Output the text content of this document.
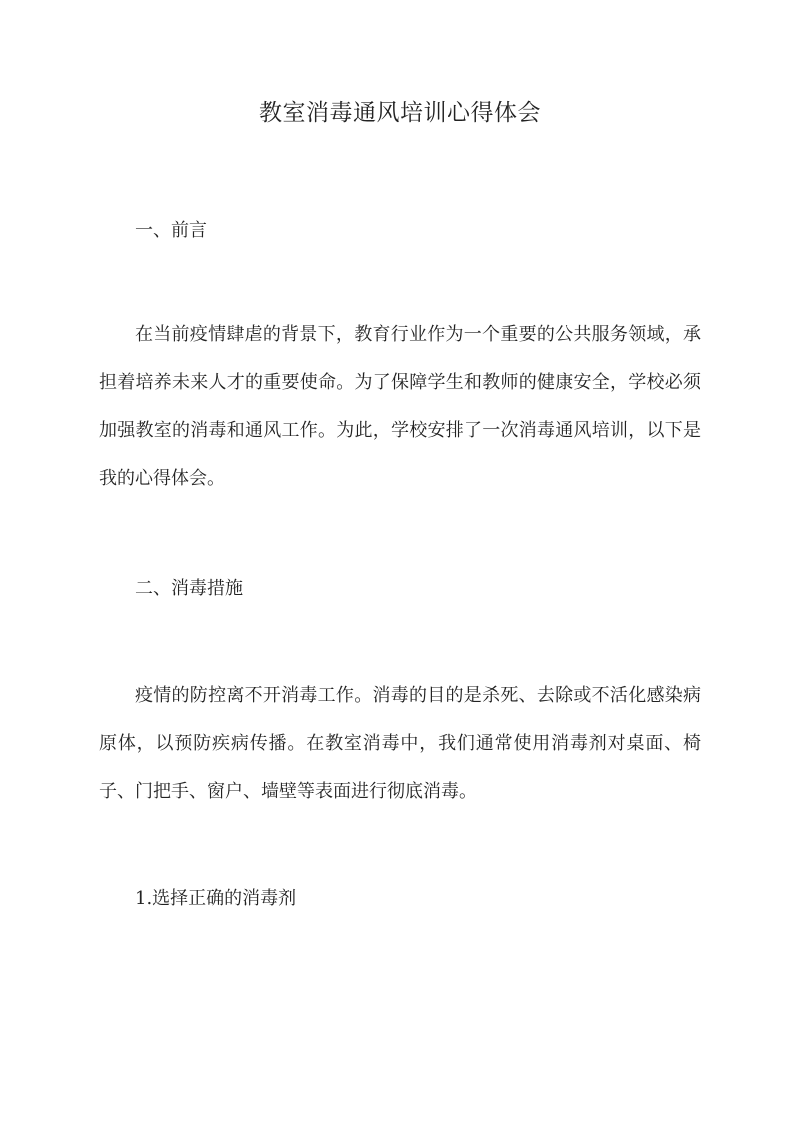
教室消毒通风培训心得体会
一、前言

在当前疫情肆虐的背景下，教育行业作为一个重要的公共服务领域，承担着培养未来人才的重要使命。为了保障学生和教师的健康安全，学校必须加强教室的消毒和通风工作。为此，学校安排了一次消毒通风培训，以下是我的心得体会。

二、消毒措施

疫情的防控离不开消毒工作。消毒的目的是杀死、去除或不活化感染病原体，以预防疾病传播。在教室消毒中，我们通常使用消毒剂对桌面、椅子、门把手、窗户、墙壁等表面进行彻底消毒。

1.选择正确的消毒剂
